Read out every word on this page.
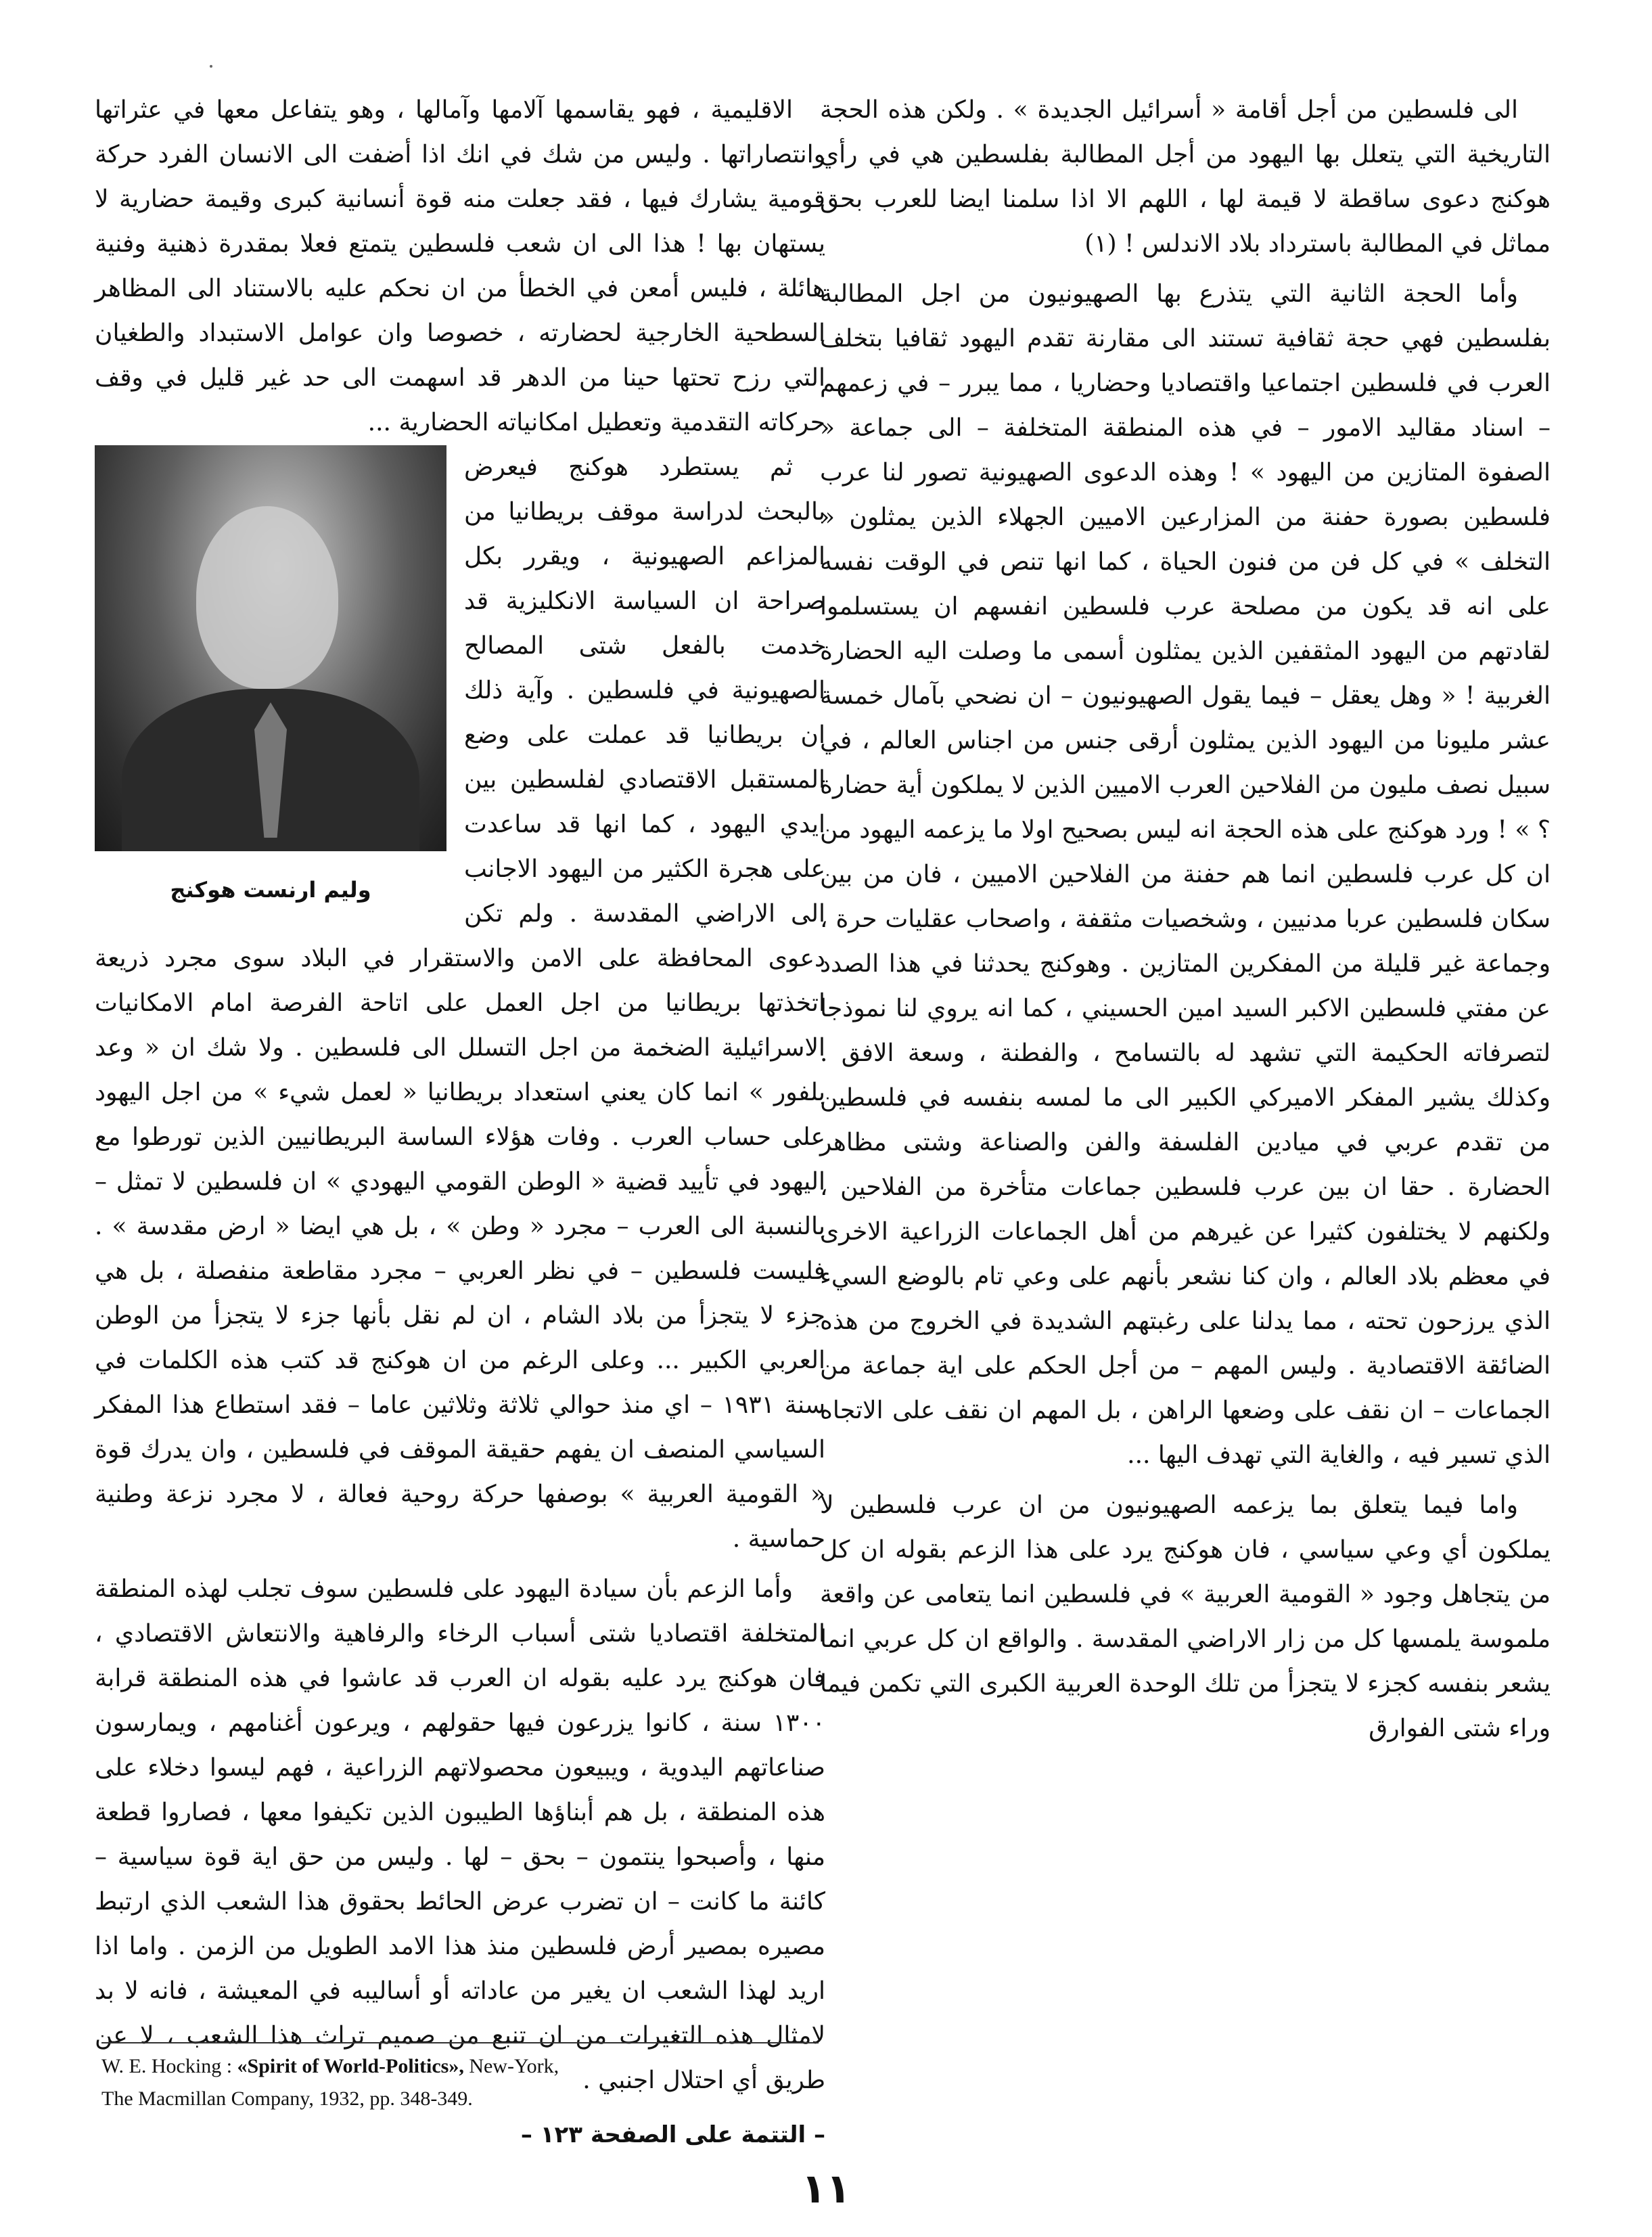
الى فلسطين من أجل أقامة « أسرائيل الجديدة » . ولكن هذه الحجة التاريخية التي يتعلل بها اليهود من أجل المطالبة بفلسطين هي في رأي هوكنج دعوى ساقطة لا قيمة لها ، اللهم الا اذا سلمنا ايضا للعرب بحق مماثل في المطالبة باسترداد بلاد الاندلس ! (١)

وأما الحجة الثانية التي يتذرع بها الصهيونيون من اجل المطالبة بفلسطين فهي حجة ثقافية تستند الى مقارنة تقدم اليهود ثقافيا بتخلف العرب في فلسطين اجتماعيا واقتصاديا وحضاريا ، مما يبرر – في زعمهم – اسناد مقاليد الامور – في هذه المنطقة المتخلفة – الى جماعة « الصفوة المتازين من اليهود » ! وهذه الدعوى الصهيونية تصور لنا عرب فلسطين بصورة حفنة من المزارعين الاميين الجهلاء الذين يمثلون « التخلف » في كل فن من فنون الحياة ، كما انها تنص في الوقت نفسه على انه قد يكون من مصلحة عرب فلسطين انفسهم ان يستسلموا لقادتهم من اليهود المثقفين الذين يمثلون أسمى ما وصلت اليه الحضارة الغربية ! « وهل يعقل – فيما يقول الصهيونيون – ان نضحي بآمال خمسة عشر مليونا من اليهود الذين يمثلون أرقى جنس من اجناس العالم ، في سبيل نصف مليون من الفلاحين العرب الاميين الذين لا يملكون أية حضارة ؟ » ! ورد هوكنج على هذه الحجة انه ليس بصحيح اولا ما يزعمه اليهود من ان كل عرب فلسطين انما هم حفنة من الفلاحين الاميين ، فان من بين سكان فلسطين عربا مدنيين ، وشخصيات مثقفة ، واصحاب عقليات حرة ، وجماعة غير قليلة من المفكرين المتازين . وهوكنج يحدثنا في هذا الصدد عن مفتي فلسطين الاكبر السيد امين الحسيني ، كما انه يروي لنا نموذجا لتصرفاته الحكيمة التي تشهد له بالتسامح ، والفطنة ، وسعة الافق . وكذلك يشير المفكر الاميركي الكبير الى ما لمسه بنفسه في فلسطين من تقدم عربي في ميادين الفلسفة والفن والصناعة وشتى مظاهر الحضارة . حقا ان بين عرب فلسطين جماعات متأخرة من الفلاحين ، ولكنهم لا يختلفون كثيرا عن غيرهم من أهل الجماعات الزراعية الاخرى في معظم بلاد العالم ، وان كنا نشعر بأنهم على وعي تام بالوضع السيء الذي يرزحون تحته ، مما يدلنا على رغبتهم الشديدة في الخروج من هذه الضائقة الاقتصادية . وليس المهم – من أجل الحكم على اية جماعة من الجماعات – ان نقف على وضعها الراهن ، بل المهم ان نقف على الاتجاه الذي تسير فيه ، والغاية التي تهدف اليها ...

واما فيما يتعلق بما يزعمه الصهيونيون من ان عرب فلسطين لا يملكون أي وعي سياسي ، فان هوكنج يرد على هذا الزعم بقوله ان كل من يتجاهل وجود « القومية العربية » في فلسطين انما يتعامى عن واقعة ملموسة يلمسها كل من زار الاراضي المقدسة . والواقع ان كل عربي انما يشعر بنفسه كجزء لا يتجزأ من تلك الوحدة العربية الكبرى التي تكمن فيما وراء شتى الفوارق

الاقليمية ، فهو يقاسمها آلامها وآمالها ، وهو يتفاعل معها في عثراتها وانتصاراتها . وليس من شك في انك اذا أضفت الى الانسان الفرد حركة قومية يشارك فيها ، فقد جعلت منه قوة أنسانية كبرى وقيمة حضارية لا يستهان بها ! هذا الى ان شعب فلسطين يتمتع فعلا بمقدرة ذهنية وفنية هائلة ، فليس أمعن في الخطأ من ان نحكم عليه بالاستناد الى المظاهر السطحية الخارجية لحضارته ، خصوصا وان عوامل الاستبداد والطغيان التي رزح تحتها حينا من الدهر قد اسهمت الى حد غير قليل في وقف حركاته التقدمية وتعطيل امكانياته الحضارية ...

وليم ارنست هوكنج

ثم يستطرد هوكنج فيعرض بالبحث لدراسة موقف بريطانيا من المزاعم الصهيونية ، ويقرر بكل صراحة ان السياسة الانكليزية قد خدمت بالفعل شتى المصالح الصهيونية في فلسطين . وآية ذلك ان بريطانيا قد عملت على وضع المستقبل الاقتصادي لفلسطين بين ايدي اليهود ، كما انها قد ساعدت على هجرة الكثير من اليهود الاجانب الى الاراضي المقدسة . ولم تكن دعوى المحافظة على الامن والاستقرار في البلاد سوى مجرد ذريعة اتخذتها بريطانيا من اجل العمل على اتاحة الفرصة امام الامكانيات الاسرائيلية الضخمة من اجل التسلل الى فلسطين . ولا شك ان « وعد بلفور » انما كان يعني استعداد بريطانيا « لعمل شيء » من اجل اليهود على حساب العرب . وفات هؤلاء الساسة البريطانيين الذين تورطوا مع اليهود في تأييد قضية « الوطن القومي اليهودي » ان فلسطين لا تمثل – بالنسبة الى العرب – مجرد « وطن » ، بل هي ايضا « ارض مقدسة » . فليست فلسطين – في نظر العربي – مجرد مقاطعة منفصلة ، بل هي جزء لا يتجزأ من بلاد الشام ، ان لم نقل بأنها جزء لا يتجزأ من الوطن العربي الكبير ... وعلى الرغم من ان هوكنج قد كتب هذه الكلمات في سنة ١٩٣١ – اي منذ حوالي ثلاثة وثلاثين عاما – فقد استطاع هذا المفكر السياسي المنصف ان يفهم حقيقة الموقف في فلسطين ، وان يدرك قوة « القومية العربية » بوصفها حركة روحية فعالة ، لا مجرد نزعة وطنية حماسية .

وأما الزعم بأن سيادة اليهود على فلسطين سوف تجلب لهذه المنطقة المتخلفة اقتصاديا شتى أسباب الرخاء والرفاهية والانتعاش الاقتصادي ، فان هوكنج يرد عليه بقوله ان العرب قد عاشوا في هذه المنطقة قرابة ١٣٠٠ سنة ، كانوا يزرعون فيها حقولهم ، ويرعون أغنامهم ، ويمارسون صناعاتهم اليدوية ، ويبيعون محصولاتهم الزراعية ، فهم ليسوا دخلاء على هذه المنطقة ، بل هم أبناؤها الطيبون الذين تكيفوا معها ، فصاروا قطعة منها ، وأصبحوا ينتمون – بحق – لها . وليس من حق اية قوة سياسية – كائنة ما كانت – ان تضرب عرض الحائط بحقوق هذا الشعب الذي ارتبط مصيره بمصير أرض فلسطين منذ هذا الامد الطويل من الزمن . واما اذا اريد لهذا الشعب ان يغير من عاداته أو أساليبه في المعيشة ، فانه لا بد لامثال هذه التغيرات من ان تنبع من صميم تراث هذا الشعب ، لا عن طريق أي احتلال اجنبي .

– التتمة على الصفحة ١٢٣ –
W. E. Hocking : «Spirit of World-Politics», New-York,
The Macmillan Company, 1932, pp. 348-349.
١١
